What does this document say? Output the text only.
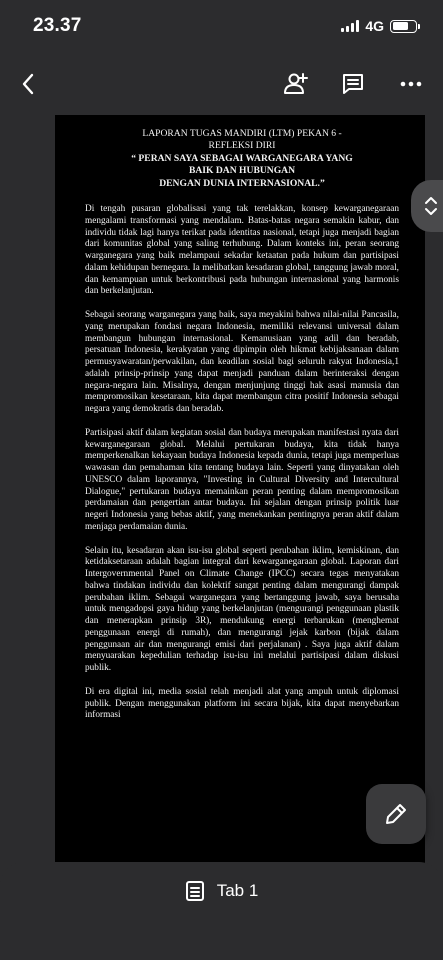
23.37	4G
LAPORAN TUGAS MANDIRI (LTM) PEKAN 6 -
REFLEKSI DIRI
“ PERAN SAYA SEBAGAI WARGANEGARA YANG
BAIK DAN HUBUNGAN
DENGAN DUNIA INTERNASIONAL.”

Di tengah pusaran globalisasi yang tak terelakkan, konsep kewarganegaraan mengalami transformasi yang mendalam. Batas-batas negara semakin kabur, dan individu tidak lagi hanya terikat pada identitas nasional, tetapi juga menjadi bagian dari komunitas global yang saling terhubung. Dalam konteks ini, peran seorang warganegara yang baik melampaui sekadar ketaatan pada hukum dan partisipasi dalam kehidupan bernegara. Ia melibatkan kesadaran global, tanggung jawab moral, dan kemampuan untuk berkontribusi pada hubungan internasional yang harmonis dan berkelanjutan.

Sebagai seorang warganegara yang baik, saya meyakini bahwa nilai-nilai Pancasila, yang merupakan fondasi negara Indonesia, memiliki relevansi universal dalam membangun hubungan internasional. Kemanusiaan yang adil dan beradab, persatuan Indonesia, kerakyatan yang dipimpin oleh hikmat kebijaksanaan dalam permusyawaratan/perwakilan, dan keadilan sosial bagi seluruh rakyat Indonesia,1 adalah prinsip-prinsip yang dapat menjadi panduan dalam berinteraksi dengan negara-negara lain. Misalnya, dengan menjunjung tinggi hak asasi manusia dan mempromosikan kesetaraan, kita dapat membangun citra positif Indonesia sebagai negara yang demokratis dan beradab.

Partisipasi aktif dalam kegiatan sosial dan budaya merupakan manifestasi nyata dari kewarganegaraan global. Melalui pertukaran budaya, kita tidak hanya memperkenalkan kekayaan budaya Indonesia kepada dunia, tetapi juga memperluas wawasan dan pemahaman kita tentang budaya lain. Seperti yang dinyatakan oleh UNESCO dalam laporannya, "Investing in Cultural Diversity and Intercultural Dialogue," pertukaran budaya memainkan peran penting dalam mempromosikan perdamaian dan pengertian antar budaya. Ini sejalan dengan prinsip politik luar negeri Indonesia yang bebas aktif, yang menekankan pentingnya peran aktif dalam menjaga perdamaian dunia.

Selain itu, kesadaran akan isu-isu global seperti perubahan iklim, kemiskinan, dan ketidaksetaraan adalah bagian integral dari kewarganegaraan global. Laporan dari Intergovernmental Panel on Climate Change (IPCC) secara tegas menyatakan bahwa tindakan individu dan kolektif sangat penting dalam mengurangi dampak perubahan iklim. Sebagai warganegara yang bertanggung jawab, saya berusaha untuk mengadopsi gaya hidup yang berkelanjutan (mengurangi penggunaan plastik dan menerapkan prinsip 3R), mendukung energi terbarukan (menghemat penggunaan energi di rumah), dan mengurangi jejak karbon (bijak dalam penggunaan air dan mengurangi emisi dari perjalanan) . Saya juga aktif dalam menyuarakan kepedulian terhadap isu-isu ini melalui partisipasi dalam diskusi publik.

Di era digital ini, media sosial telah menjadi alat yang ampuh untuk diplomasi publik. Dengan menggunakan platform ini secara bijak, kita dapat menyebarkan informasi

Tab 1
